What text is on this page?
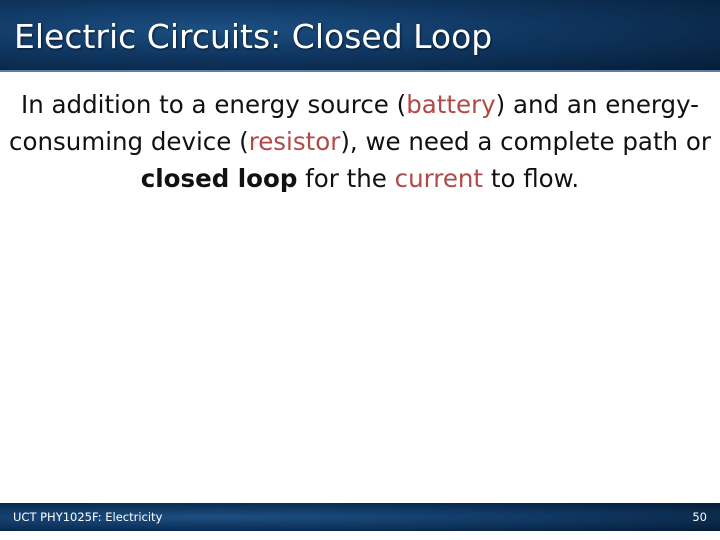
Electric Circuits: Closed Loop
In addition to a energy source (battery) and an energy-consuming device (resistor), we need a complete path or closed loop for the current to flow.
UCT PHY1025F: Electricity	50
